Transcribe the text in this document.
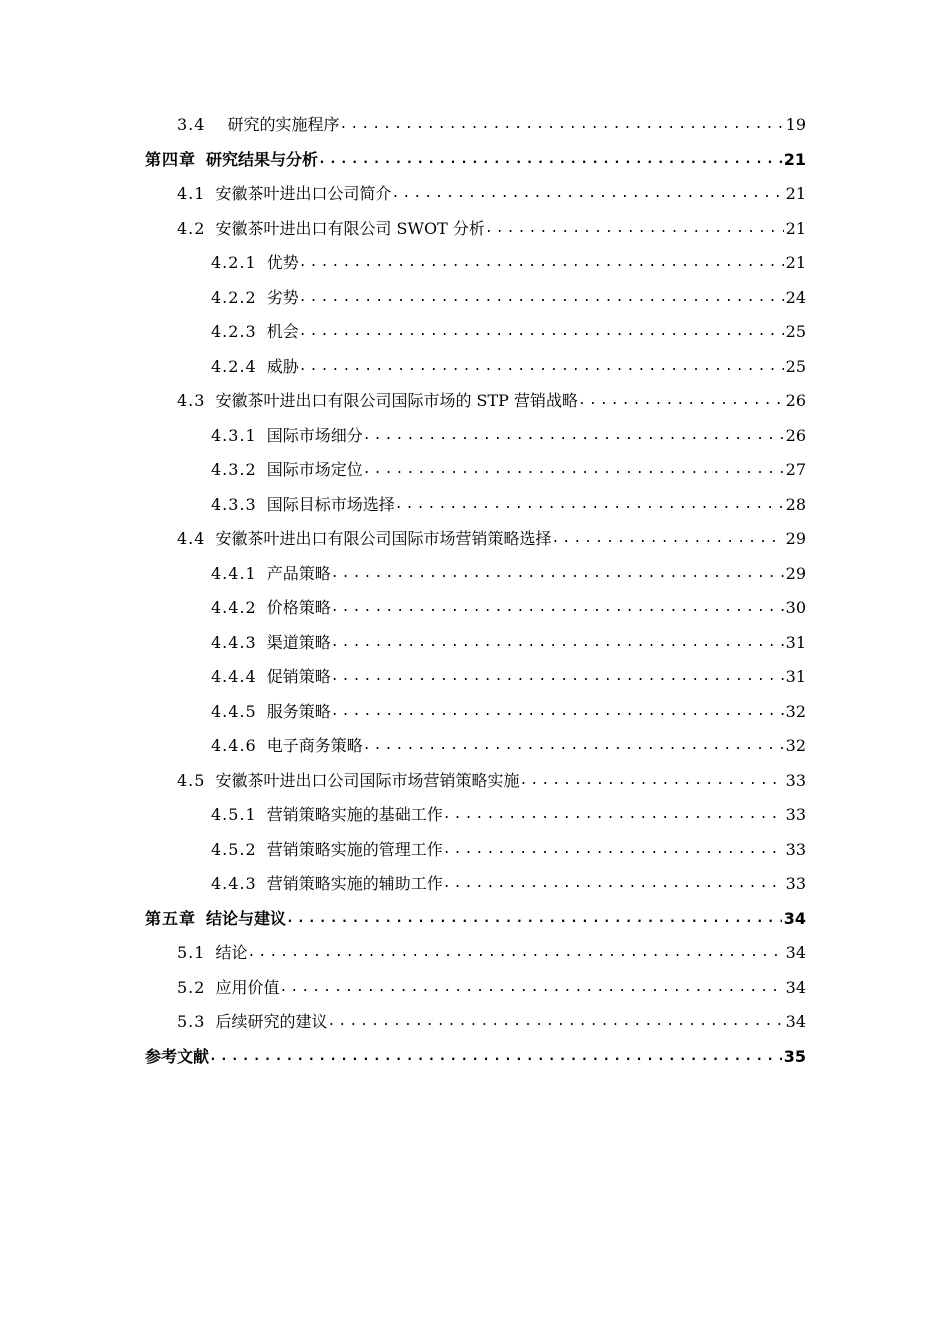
3.4 研究的实施程序 .....	19
第四章 研究结果与分析 .....	21
4.1 安徽茶叶进出口公司简介 .....	21
4.2 安徽茶叶进出口有限公司 SWOT 分析 .....	21
4.2.1 优势 .....	21
4.2.2 劣势 .....	24
4.2.3 机会 .....	25
4.2.4 威胁 .....	25
4.3 安徽茶叶进出口有限公司国际市场的 STP 营销战略 .....	26
4.3.1 国际市场细分 .....	26
4.3.2 国际市场定位 .....	27
4.3.3 国际目标市场选择 .....	28
4.4 安徽茶叶进出口有限公司国际市场营销策略选择 .....	29
4.4.1 产品策略 .....	29
4.4.2 价格策略 .....	30
4.4.3 渠道策略 .....	31
4.4.4 促销策略 .....	31
4.4.5 服务策略 .....	32
4.4.6 电子商务策略 .....	32
4.5 安徽茶叶进出口公司国际市场营销策略实施 .....	33
4.5.1 营销策略实施的基础工作 .....	33
4.5.2 营销策略实施的管理工作 .....	33
4.4.3 营销策略实施的辅助工作 .....	33
第五章 结论与建议 .....	34
5.1 结论 .....	34
5.2 应用价值 .....	34
5.3 后续研究的建议 .....	34
参考文献 .....	35
